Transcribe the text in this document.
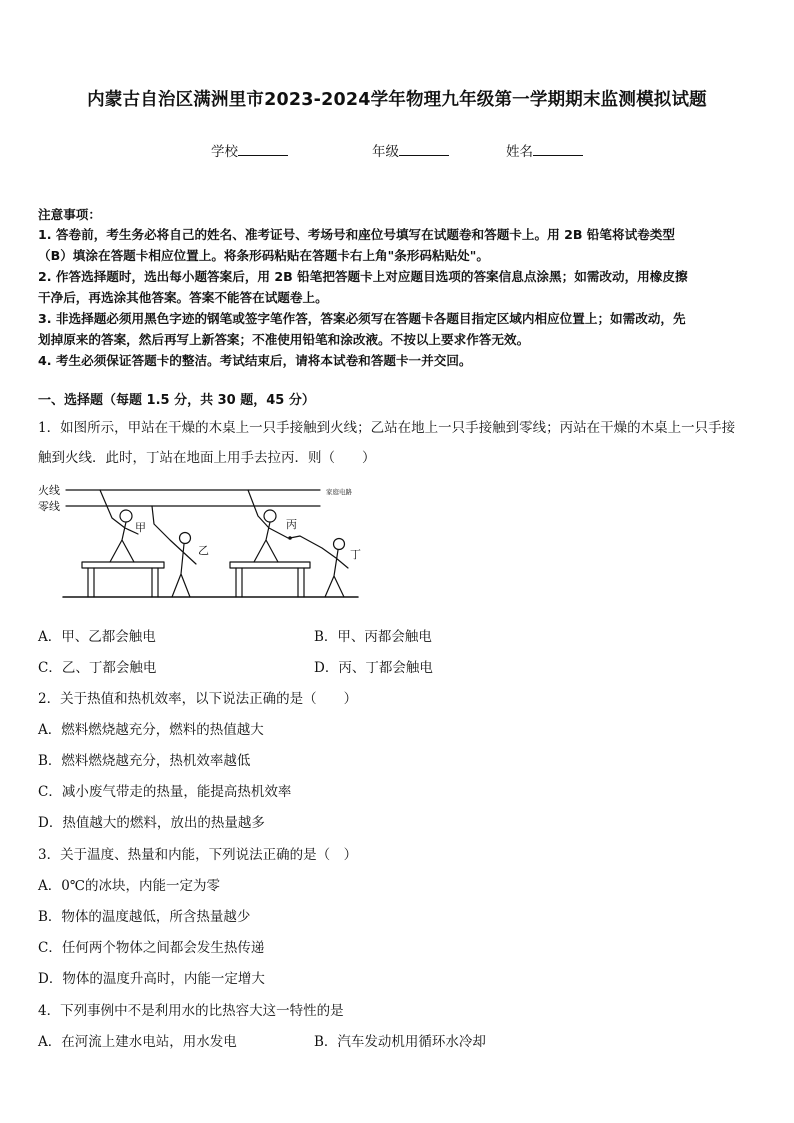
内蒙古自治区满洲里市2023-2024学年物理九年级第一学期期末监测模拟试题
学校	年级	姓名
注意事项：
1. 答卷前，考生务必将自己的姓名、准考证号、考场号和座位号填写在试题卷和答题卡上。用 2B 铅笔将试卷类型
（B）填涂在答题卡相应位置上。将条形码粘贴在答题卡右上角"条形码粘贴处"。
2. 作答选择题时，选出每小题答案后，用 2B 铅笔把答题卡上对应题目选项的答案信息点涂黑；如需改动，用橡皮擦
干净后，再选涂其他答案。答案不能答在试题卷上。
3. 非选择题必须用黑色字迹的钢笔或签字笔作答，答案必须写在答题卡各题目指定区域内相应位置上；如需改动，先
划掉原来的答案，然后再写上新答案；不准使用铅笔和涂改液。不按以上要求作答无效。
4. 考生必须保证答题卡的整洁。考试结束后，请将本试卷和答题卡一并交回。
一、选择题（每题 1.5 分，共 30 题，45 分）
1．如图所示，甲站在干燥的木桌上一只手接触到火线；乙站在地上一只手接触到零线；丙站在干燥的木桌上一只手接
触到火线．此时，丁站在地面上用手去拉丙．则（　　）
火线
零线
家庭电路
甲
乙
丙
丁
A．甲、乙都会触电	B．甲、丙都会触电
C．乙、丁都会触电	D．丙、丁都会触电
2．关于热值和热机效率，以下说法正确的是（　　）
A．燃料燃烧越充分，燃料的热值越大
B．燃料燃烧越充分，热机效率越低
C．减小废气带走的热量，能提高热机效率
D．热值越大的燃料，放出的热量越多
3．关于温度、热量和内能，下列说法正确的是（　）
A．0℃的冰块，内能一定为零
B．物体的温度越低，所含热量越少
C．任何两个物体之间都会发生热传递
D．物体的温度升高时，内能一定增大
4．下列事例中不是利用水的比热容大这一特性的是
A．在河流上建水电站，用水发电	B．汽车发动机用循环水冷却
